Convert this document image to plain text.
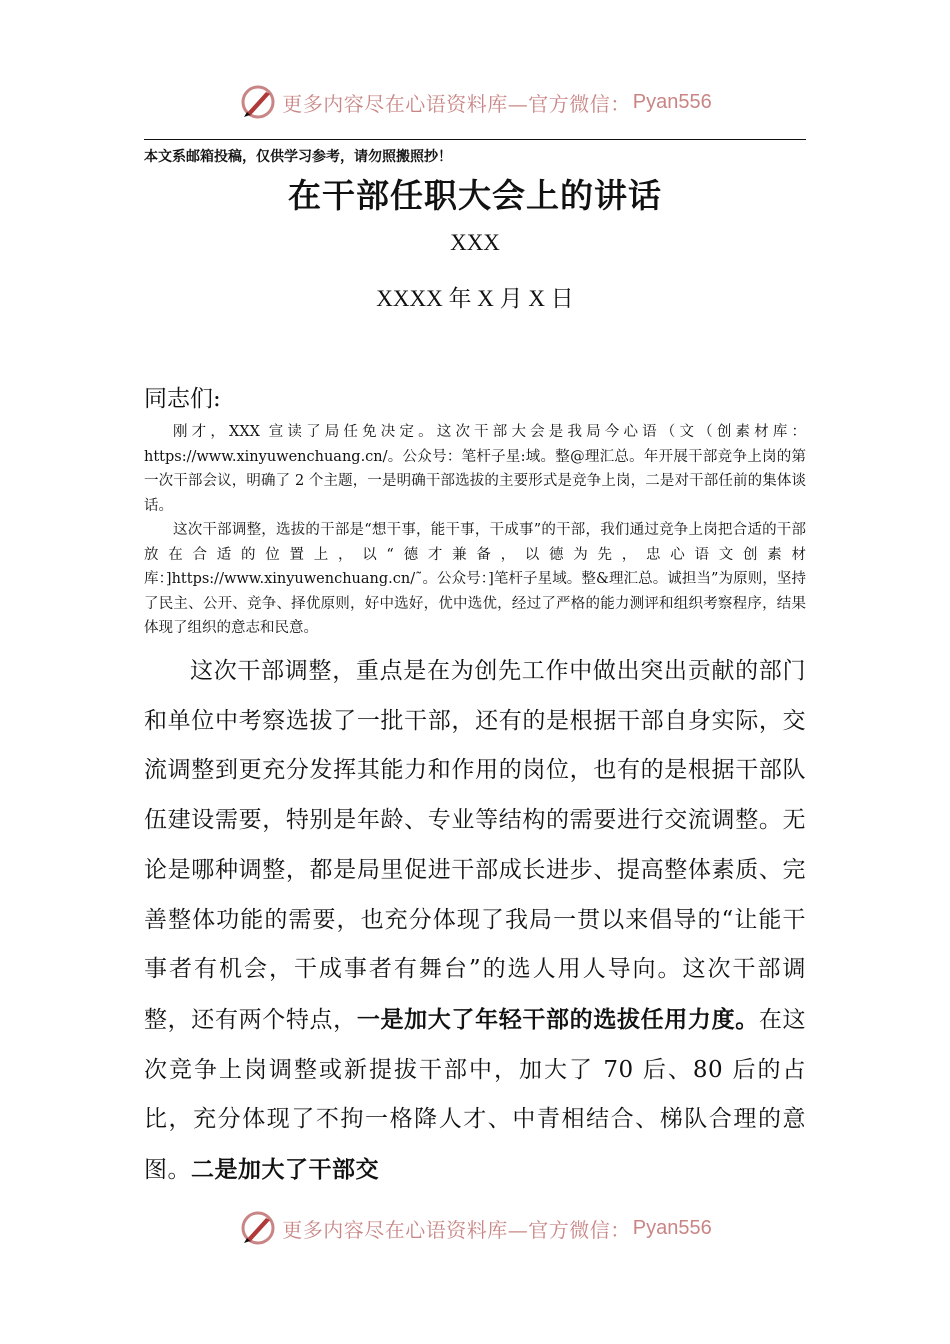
更多内容尽在心语资料库—官方微信： Pyan556
本文系邮箱投稿，仅供学习参考，请勿照搬照抄！
在干部任职大会上的讲话
XXX
XXXX 年 X 月 X 日
同志们:

刚才，XXX 宣读了局任免决定。这次干部大会是我局今心语（文（创素材库：https://www.xinyuwenchuang.cn/。公众号：笔杆子星:域。整@理汇总。年开展干部竞争上岗的第一次干部会议，明确了 2 个主题，一是明确干部选拔的主要形式是竞争上岗，二是对干部任前的集体谈话。

这次干部调整，选拔的干部是“想干事，能干事，干成事”的干部，我们通过竞争上岗把合适的干部放在合适的位置上，以“德才兼备，以德为先，忠心语文创素材库：]https://www.xinyuwenchuang.cn/˜。公众号：]笔杆子星域。整&理汇总。诚担当”为原则，坚持了民主、公开、竞争、择优原则，好中选好，优中选优，经过了严格的能力测评和组织考察程序，结果体现了组织的意志和民意。

这次干部调整，重点是在为创先工作中做出突出贡献的部门和单位中考察选拔了一批干部，还有的是根据干部自身实际，交流调整到更充分发挥其能力和作用的岗位，也有的是根据干部队伍建设需要，特别是年龄、专业等结构的需要进行交流调整。无论是哪种调整，都是局里促进干部成长进步、提高整体素质、完善整体功能的需要，也充分体现了我局一贯以来倡导的“让能干事者有机会，干成事者有舞台”的选人用人导向。这次干部调整，还有两个特点，一是加大了年轻干部的选拔任用力度。在这次竞争上岗调整或新提拔干部中，加大了 70 后、80 后的占比，充分体现了不拘一格降人才、中青相结合、梯队合理的意图。二是加大了干部交

更多内容尽在心语资料库—官方微信： Pyan556
